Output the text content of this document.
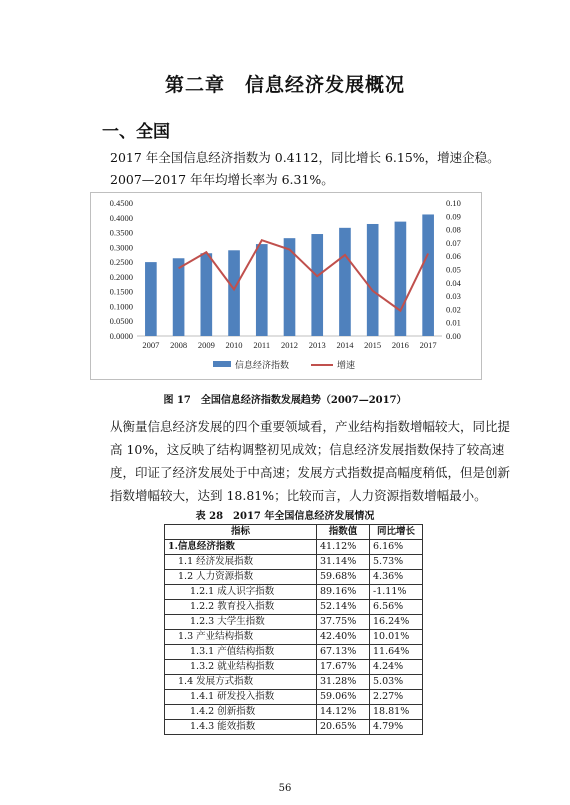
第二章　信息经济发展概况
一、全国
2017 年全国信息经济指数为 0.4112，同比增长 6.15%，增速企稳。2007—2017 年年均增长率为 6.31%。
0.0000
0.0500
0.1000
0.1500
0.2000
0.2500
0.3000
0.3500
0.4000
0.4500
0.00
0.01
0.02
0.03
0.04
0.05
0.06
0.07
0.08
0.09
0.10
2007 2008 2009 2010 2011 2012 2013 2014 2015 2016 2017
信息经济指数	增速
图 17　全国信息经济指数发展趋势（2007—2017）
从衡量信息经济发展的四个重要领域看，产业结构指数增幅较大，同比提高 10%，这反映了结构调整初见成效；信息经济发展指数保持了较高速度，印证了经济发展处于中高速；发展方式指数提高幅度稍低，但是创新指数增幅较大，达到 18.81%；比较而言，人力资源指数增幅最小。
表 28　2017 年全国信息经济发展情况
指标	指数值	同比增长
1.信息经济指数	41.12%	6.16%
1.1 经济发展指数	31.14%	5.73%
1.2 人力资源指数	59.68%	4.36%
1.2.1 成人识字指数	89.16%	-1.11%
1.2.2 教育投入指数	52.14%	6.56%
1.2.3 大学生指数	37.75%	16.24%
1.3 产业结构指数	42.40%	10.01%
1.3.1 产值结构指数	67.13%	11.64%
1.3.2 就业结构指数	17.67%	4.24%
1.4 发展方式指数	31.28%	5.03%
1.4.1 研发投入指数	59.06%	2.27%
1.4.2 创新指数	14.12%	18.81%
1.4.3 能效指数	20.65%	4.79%
56
